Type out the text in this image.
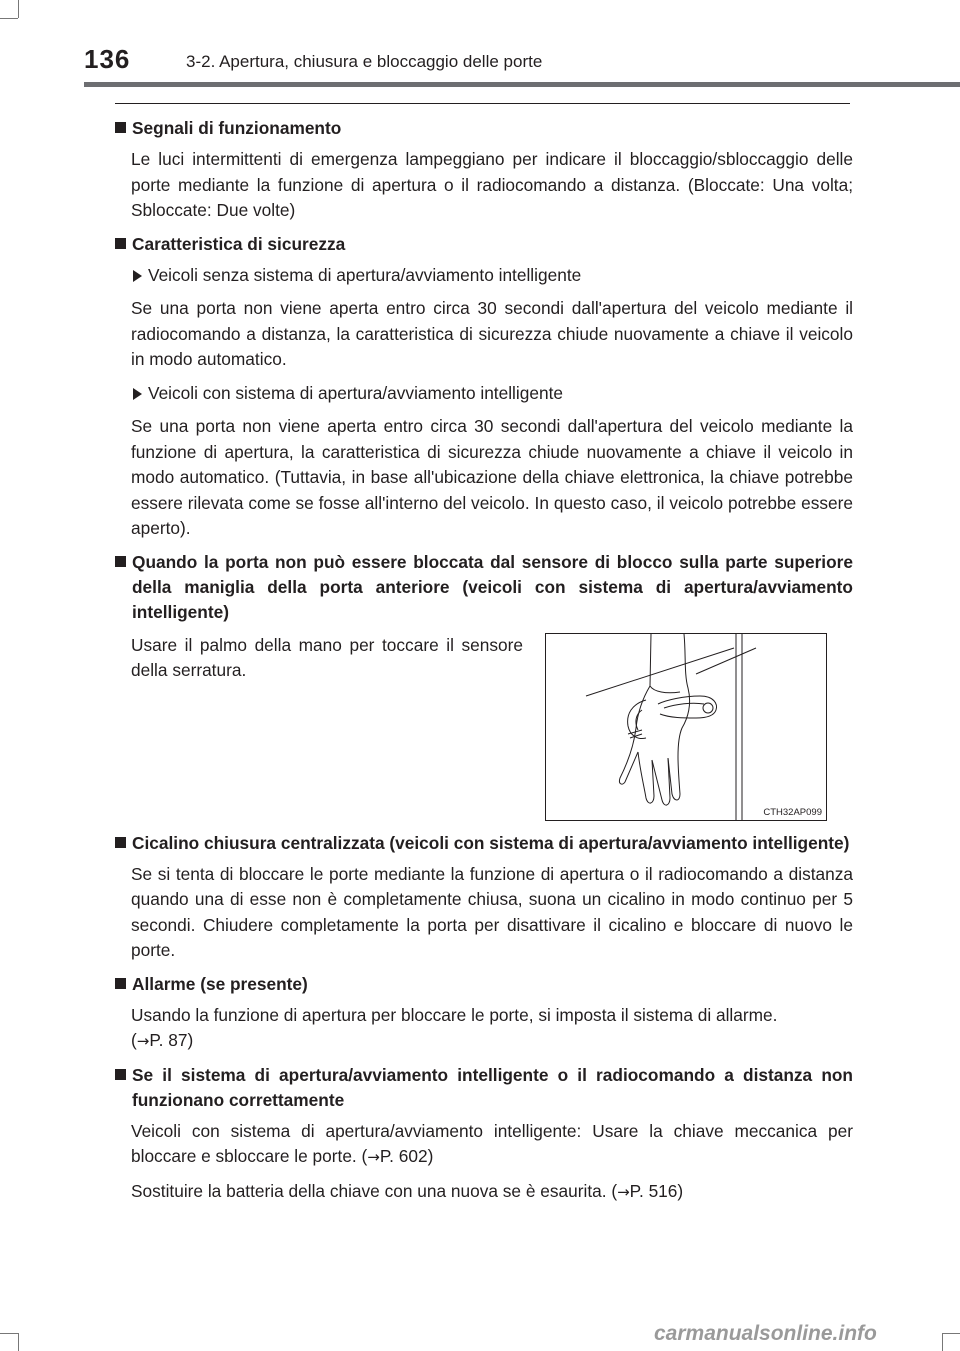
136	3-2. Apertura, chiusura e bloccaggio delle porte
Segnali di funzionamento

Le luci intermittenti di emergenza lampeggiano per indicare il bloccaggio/sbloccaggio delle porte mediante la funzione di apertura o il radiocomando a distanza. (Bloccate: Una volta; Sbloccate: Due volte)

Caratteristica di sicurezza
Veicoli senza sistema di apertura/avviamento intelligente

Se una porta non viene aperta entro circa 30 secondi dall'apertura del veicolo mediante il radiocomando a distanza, la caratteristica di sicurezza chiude nuovamente a chiave il veicolo in modo automatico.

Veicoli con sistema di apertura/avviamento intelligente

Se una porta non viene aperta entro circa 30 secondi dall'apertura del veicolo mediante la funzione di apertura, la caratteristica di sicurezza chiude nuovamente a chiave il veicolo in modo automatico. (Tuttavia, in base all'ubicazione della chiave elettronica, la chiave potrebbe essere rilevata come se fosse all'interno del veicolo. In questo caso, il veicolo potrebbe essere aperto).

Quando la porta non può essere bloccata dal sensore di blocco sulla parte superiore della maniglia della porta anteriore (veicoli con sistema di apertura/avviamento intelligente)
Usare il palmo della mano per toccare il sensore della serratura.
CTH32AP099
Cicalino chiusura centralizzata (veicoli con sistema di apertura/avviamento intelligente)

Se si tenta di bloccare le porte mediante la funzione di apertura o il radiocomando a distanza quando una di esse non è completamente chiusa, suona un cicalino in modo continuo per 5 secondi. Chiudere completamente la porta per disattivare il cicalino e bloccare di nuovo le porte.

Allarme (se presente)

Usando la funzione di apertura per bloccare le porte, si imposta il sistema di allarme.
(→P. 87)

Se il sistema di apertura/avviamento intelligente o il radiocomando a distanza non funzionano correttamente

Veicoli con sistema di apertura/avviamento intelligente: Usare la chiave meccanica per bloccare e sbloccare le porte. (→P. 602)

Sostituire la batteria della chiave con una nuova se è esaurita. (→P. 516)

carmanualsonline.info
